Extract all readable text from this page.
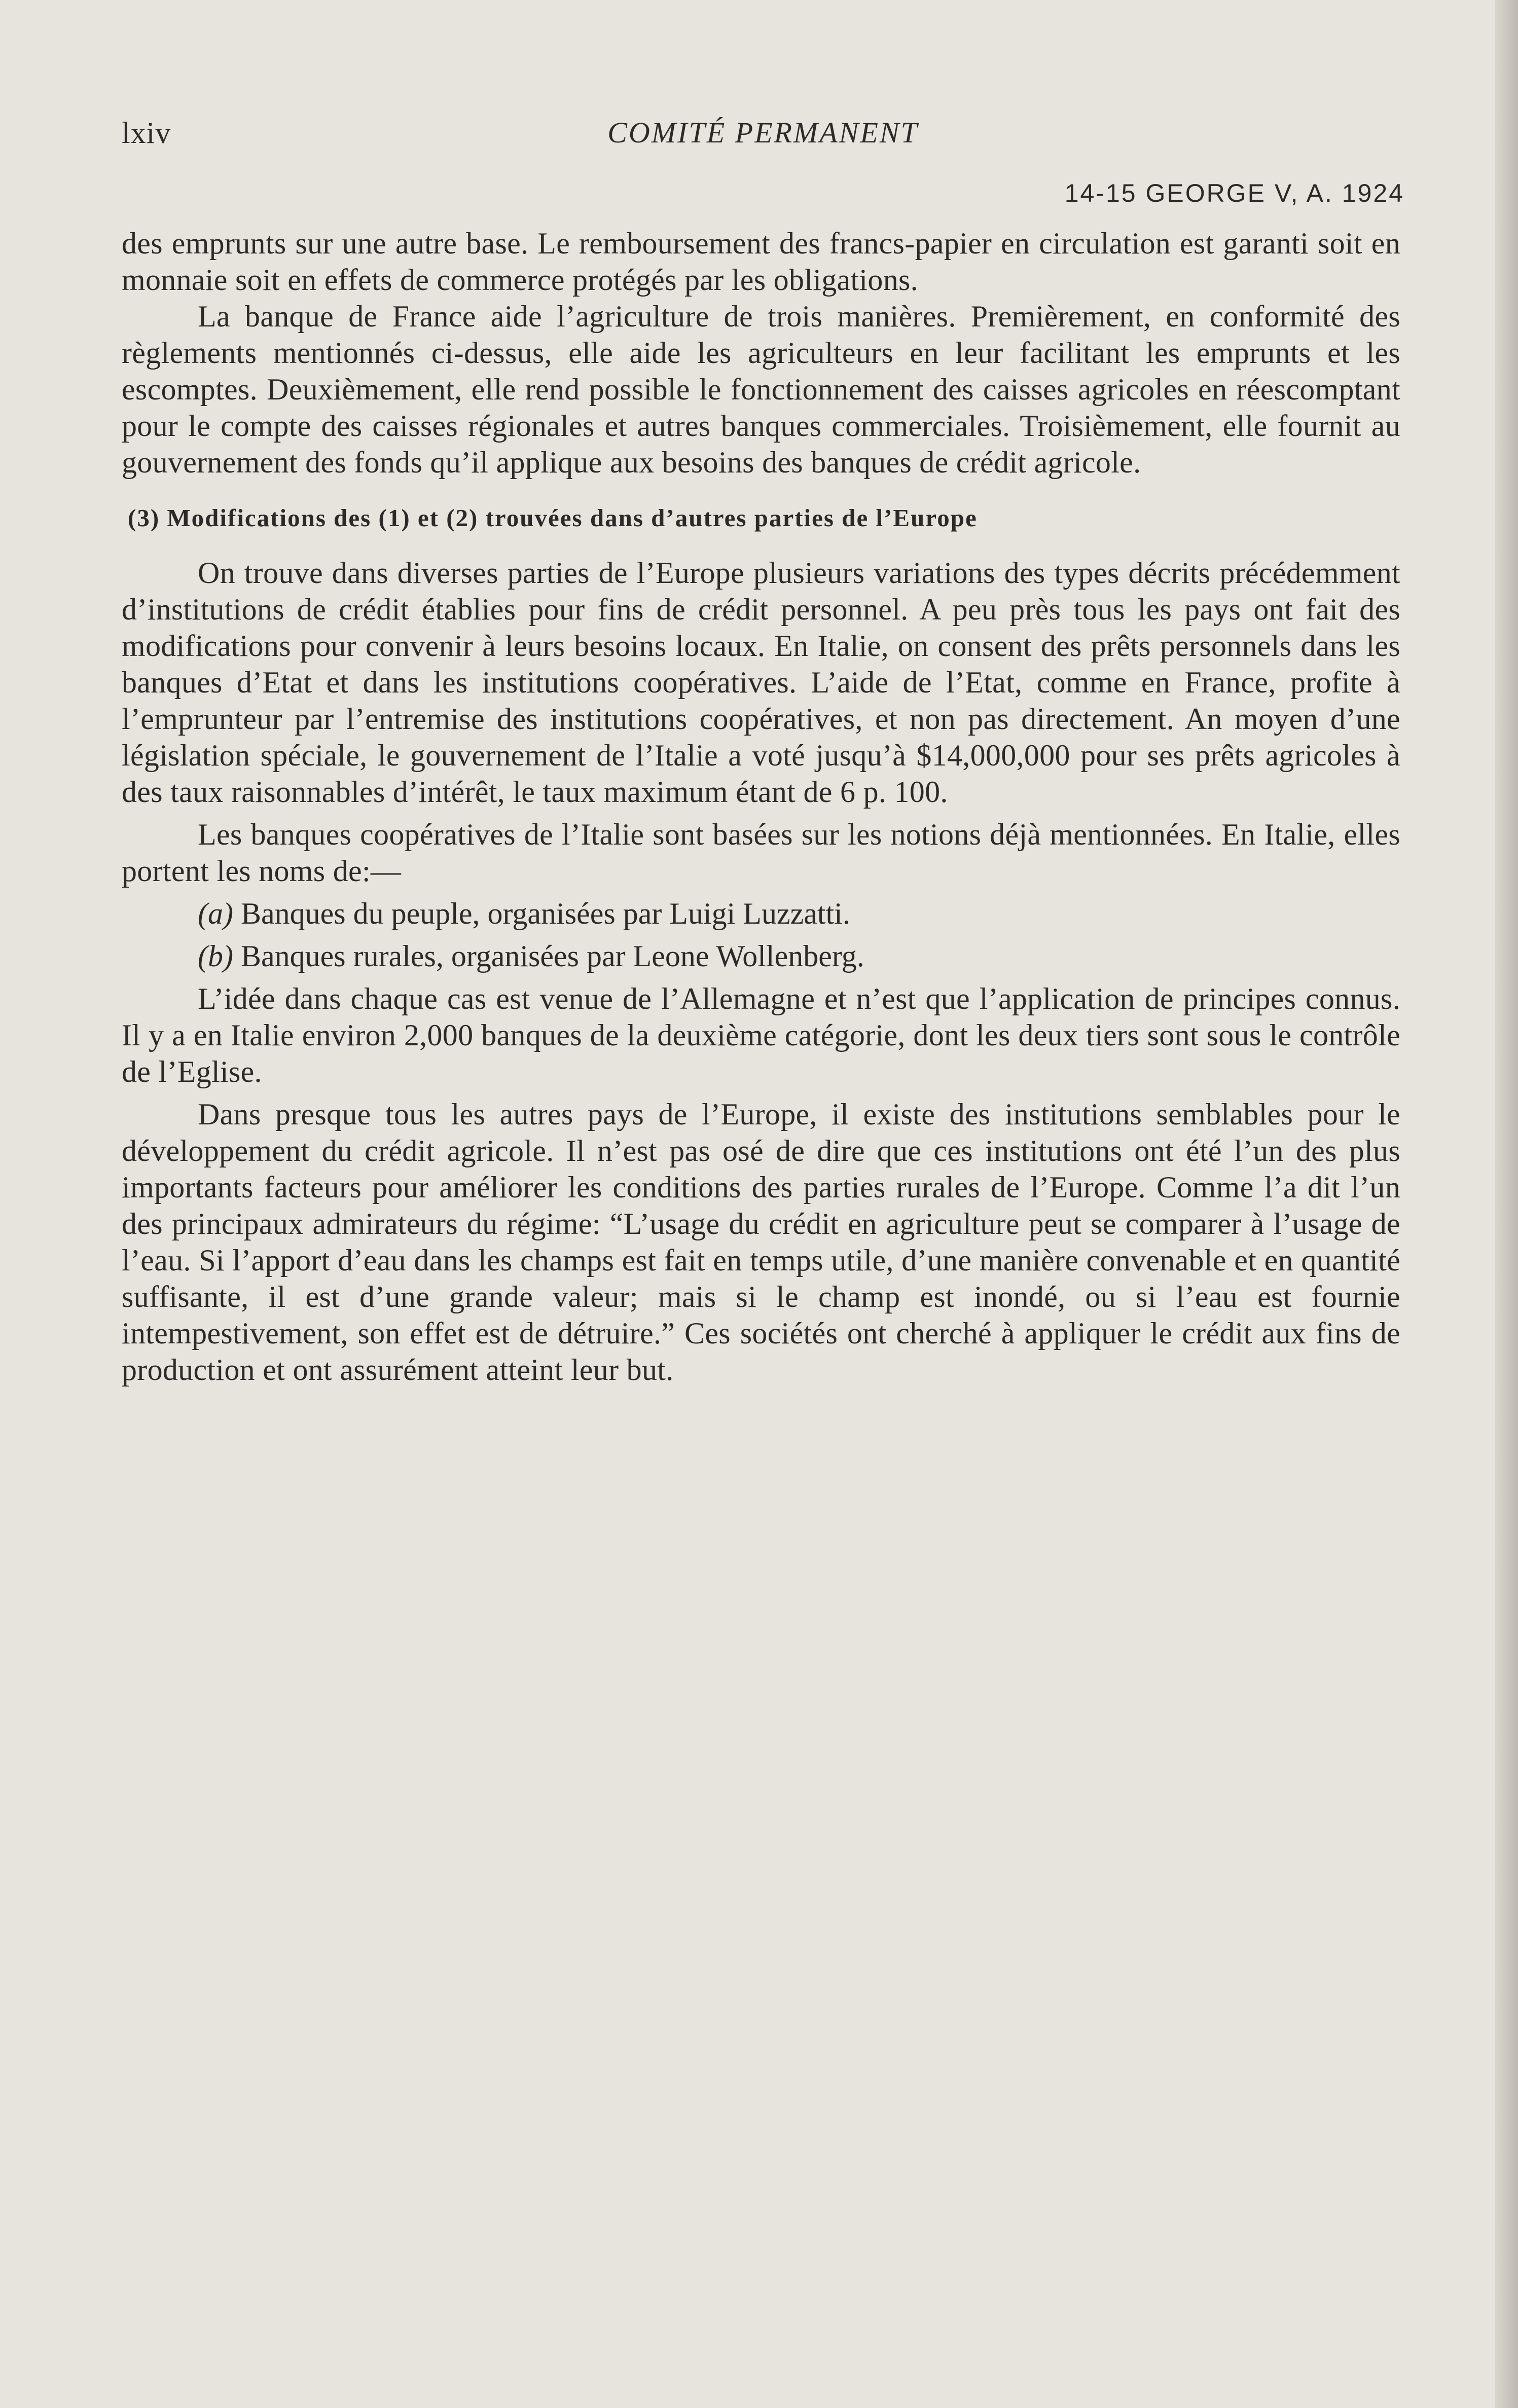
lxiv	COMITÉ PERMANENT
14-15 GEORGE V, A. 1924

des emprunts sur une autre base. Le remboursement des francs-papier en circulation est garanti soit en monnaie soit en effets de commerce protégés par les obligations.

La banque de France aide l’agriculture de trois manières. Premièrement, en conformité des règlements mentionnés ci-dessus, elle aide les agriculteurs en leur facilitant les emprunts et les escomptes. Deuxièmement, elle rend possible le fonctionnement des caisses agricoles en réescomptant pour le compte des caisses régionales et autres banques commerciales. Troisièmement, elle fournit au gouvernement des fonds qu’il applique aux besoins des banques de crédit agricole.

(3) Modifications des (1) et (2) trouvées dans d’autres parties de l’Europe

On trouve dans diverses parties de l’Europe plusieurs variations des types décrits précédemment d’institutions de crédit établies pour fins de crédit personnel. A peu près tous les pays ont fait des modifications pour convenir à leurs besoins locaux. En Italie, on consent des prêts personnels dans les banques d’Etat et dans les institutions coopératives. L’aide de l’Etat, comme en France, profite à l’emprunteur par l’entremise des institutions coopératives, et non pas directement. An moyen d’une législation spéciale, le gouvernement de l’Italie a voté jusqu’à $14,000,000 pour ses prêts agricoles à des taux raisonnables d’intérêt, le taux maximum étant de 6 p. 100.

Les banques coopératives de l’Italie sont basées sur les notions déjà mentionnées. En Italie, elles portent les noms de:—

(a) Banques du peuple, organisées par Luigi Luzzatti.

(b) Banques rurales, organisées par Leone Wollenberg.

L’idée dans chaque cas est venue de l’Allemagne et n’est que l’application de principes connus. Il y a en Italie environ 2,000 banques de la deuxième catégorie, dont les deux tiers sont sous le contrôle de l’Eglise.

Dans presque tous les autres pays de l’Europe, il existe des institutions semblables pour le développement du crédit agricole. Il n’est pas osé de dire que ces institutions ont été l’un des plus importants facteurs pour améliorer les conditions des parties rurales de l’Europe. Comme l’a dit l’un des principaux admirateurs du régime: “L’usage du crédit en agriculture peut se comparer à l’usage de l’eau. Si l’apport d’eau dans les champs est fait en temps utile, d’une manière convenable et en quantité suffisante, il est d’une grande valeur; mais si le champ est inondé, ou si l’eau est fournie intempestivement, son effet est de détruire.” Ces sociétés ont cherché à appliquer le crédit aux fins de production et ont assurément atteint leur but.
